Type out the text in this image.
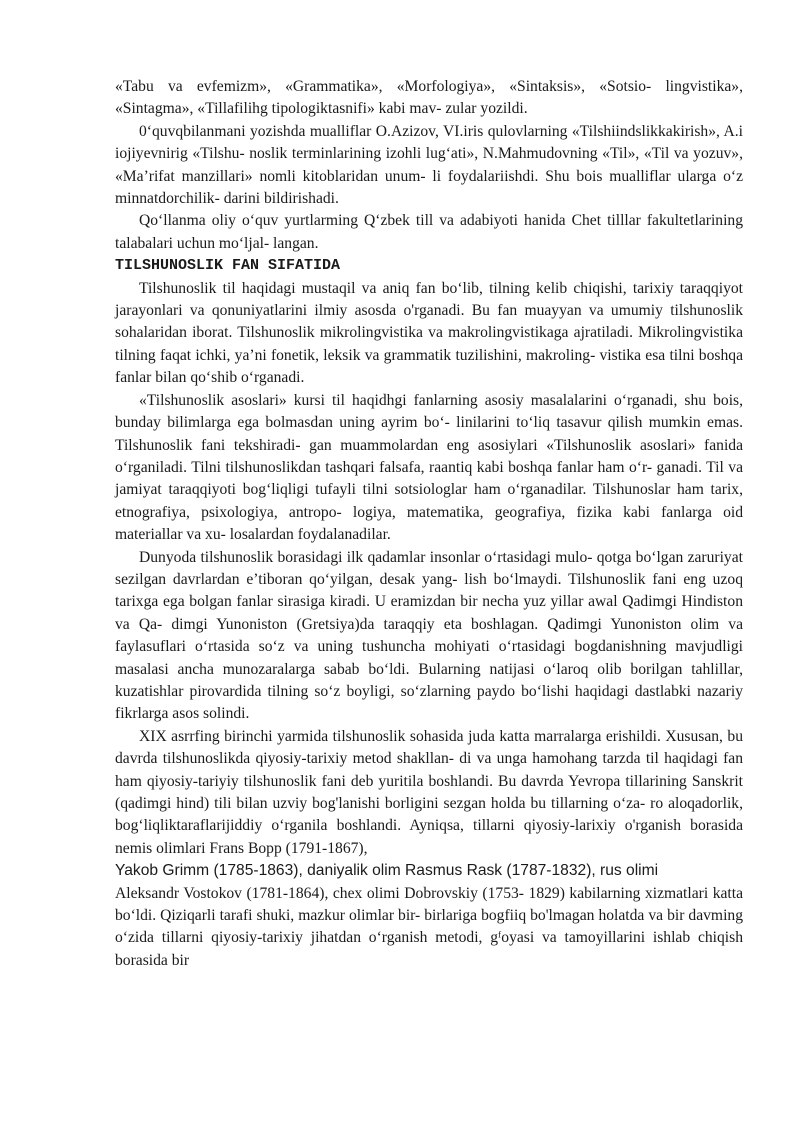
«Tabu va evfemizm», «Grammatika», «Morfologiya», «Sintaksis», «Sotsio- lingvistika», «Sintagma», «Tillafilihg tipologiktasnifi» kabi mav- zular yozildi.

0‘quvqbilanmani yozishda mualliflar O.Azizov, VI.iris qulovlarning «Tilshiindslikkakirish», A.i iojiyevnirig «Tilshu- noslik terminlarining izohli lug‘ati», N.Mahmudovning «Til», «Til va yozuv», «Ma’rifat manzillari» nomli kitoblaridan unum- li foydalariishdi. Shu bois mualliflar ularga o‘z minnatdorchilik- darini bildirishadi.

Qo‘llanma oliy o‘quv yurtlarming Q‘zbek till va adabiyoti hanida Chet tilllar fakultetlarining talabalari uchun mo‘ljal- langan.

TILSHUNOSLIK FAN SIFATIDA

Tilshunoslik til haqidagi mustaqil va aniq fan bo‘lib, tilning kelib chiqishi, tarixiy taraqqiyot jarayonlari va qonuniyatlarini ilmiy asosda o'rganadi. Bu fan muayyan va umumiy tilshunoslik sohalaridan iborat. Tilshunoslik mikrolingvistika va makrolingvistikaga ajratiladi. Mikrolingvistika tilning faqat ichki, ya’ni fonetik, leksik va grammatik tuzilishini, makroling- vistika esa tilni boshqa fanlar bilan qo‘shib o‘rganadi.

«Tilshunoslik asoslari» kursi til haqidhgi fanlarning asosiy masalalarini o‘rganadi, shu bois, bunday bilimlarga ega bolmasdan uning ayrim bo‘- linilarini to‘liq tasavur qilish mumkin emas. Tilshunoslik fani tekshiradi- gan muammolardan eng asosiylari «Tilshunoslik asoslari» fanida o‘rganiladi. Tilni tilshunoslikdan tashqari falsafa, raantiq kabi boshqa fanlar ham o‘r- ganadi. Til va jamiyat taraqqiyoti bog‘liqligi tufayli tilni sotsiologlar ham o‘rganadilar. Tilshunoslar ham tarix, etnografiya, psixologiya, antropo- logiya, matematika, geografiya, fizika kabi fanlarga oid materiallar va xu- losalardan foydalanadilar.

Dunyoda tilshunoslik borasidagi ilk qadamlar insonlar o‘rtasidagi mulo- qotga bo‘lgan zaruriyat sezilgan davrlardan e’tiboran qo‘yilgan, desak yang- lish bo‘lmaydi. Tilshunoslik fani eng uzoq tarixga ega bolgan fanlar sirasiga kiradi. U eramizdan bir necha yuz yillar awal Qadimgi Hindiston va Qa- dimgi Yunoniston (Gretsiya)da taraqqiy eta boshlagan. Qadimgi Yunoniston olim va faylasuflari o‘rtasida so‘z va uning tushuncha mohiyati o‘rtasidagi bogdanishning mavjudligi masalasi ancha munozaralarga sabab bo‘ldi. Bularning natijasi o‘laroq olib borilgan tahlillar, kuzatishlar pirovardida tilning so‘z boyligi, so‘zlarning paydo bo‘lishi haqidagi dastlabki nazariy fikrlarga asos solindi.

XIX asrrfing birinchi yarmida tilshunoslik sohasida juda katta marralarga erishildi. Xususan, bu davrda tilshunoslikda qiyosiy-tarixiy metod shakllan- di va unga hamohang tarzda til haqidagi fan ham qiyosiy-tariyiy tilshunoslik fani deb yuritila boshlandi. Bu davrda Yevropa tillarining Sanskrit (qadimgi hind) tili bilan uzviy bog'lanishi borligini sezgan holda bu tillarning o‘za- ro aloqadorlik, bog‘liqliktaraflarijiddiy o‘rganila boshlandi. Ayniqsa, tillarni qiyosiy-larixiy o'rganish borasida nemis olimlari Frans Bopp (1791-1867),

Yakob Grimm (1785-1863), daniyalik olim Rasmus Rask (1787-1832), rus olimi

Aleksandr Vostokov (1781-1864), chex olimi Dobrovskiy (1753- 1829) kabilarning xizmatlari katta bo‘ldi. Qiziqarli tarafi shuki, mazkur olimlar bir- birlariga bogfiiq bo'lmagan holatda va bir davming o‘zida tillarni qiyosiy-tarixiy jihatdan o‘rganish metodi, gᶠoyasi va tamoyillarini ishlab chiqish borasida bir
